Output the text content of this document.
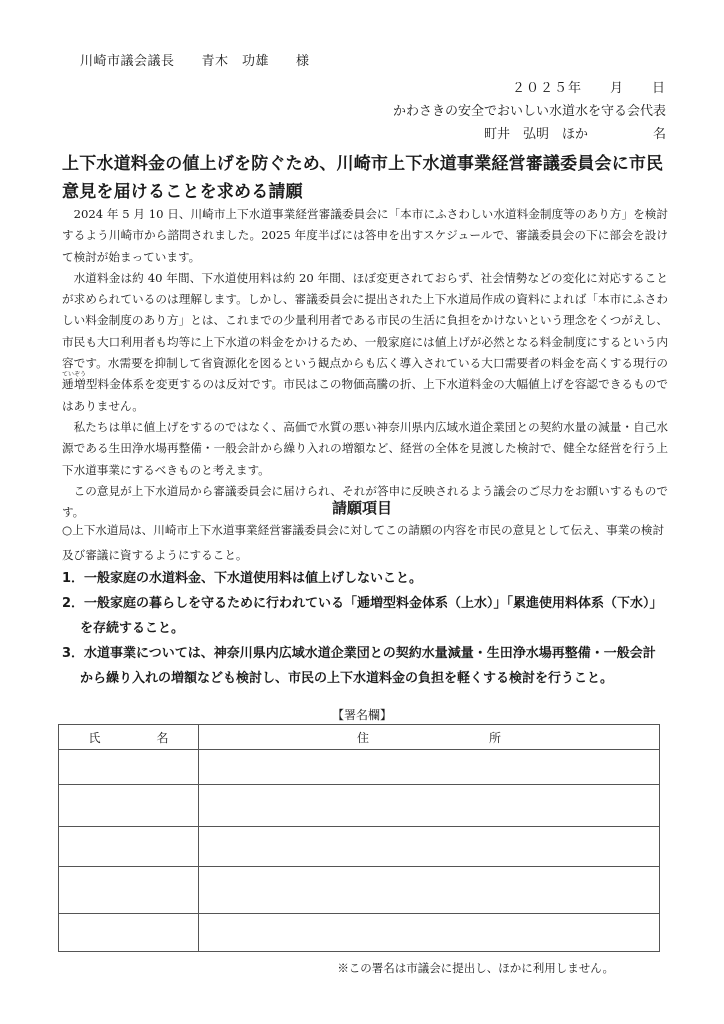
川崎市議会議長　　青木　功雄　　様
２０２５年　　月　　日
かわさきの安全でおいしい水道水を守る会代表
町井　弘明　ほか　　　　　名
上下水道料金の値上げを防ぐため、川崎市上下水道事業経営審議委員会に市民意見を届けることを求める請願

2024 年 5 月 10 日、川崎市上下水道事業経営審議委員会に「本市にふさわしい水道料金制度等のあり方」を検討するよう川崎市から諮問されました。2025 年度半ばには答申を出すスケジュールで、審議委員会の下に部会を設けて検討が始まっています。

水道料金は約 40 年間、下水道使用料は約 20 年間、ほぼ変更されておらず、社会情勢などの変化に対応することが求められているのは理解します。しかし、審議委員会に提出された上下水道局作成の資料によれば「本市にふさわしい料金制度のあり方」とは、これまでの少量利用者である市民の生活に負担をかけないという理念をくつがえし、市民も大口利用者も均等に上下水道の料金をかけるため、一般家庭には値上げが必然となる料金制度にするという内容です。水需要を抑制して省資源化を図るという観点からも広く導入されている大口需要者の料金を高くする現行の逓増ていぞう型料金体系を変更するのは反対です。市民はこの物価高騰の折、上下水道料金の大幅値上げを容認できるものではありません。

私たちは単に値上げをするのではなく、高価で水質の悪い神奈川県内広域水道企業団との契約水量の減量・自己水源である生田浄水場再整備・一般会計から繰り入れの増額など、経営の全体を見渡した検討で、健全な経営を行う上下水道事業にするべきものと考えます。

この意見が上下水道局から審議委員会に届けられ、それが答申に反映されるよう議会のご尽力をお願いするものです。	請願項目
○上下水道局は、川崎市上下水道事業経営審議委員会に対してこの請願の内容を市民の意見として伝え、事業の検討及び審議に資するようにすること。
1．一般家庭の水道料金、下水道使用料は値上げしないこと。
2．一般家庭の暮らしを守るために行われている「逓増型料金体系（上水）」「累進使用料体系（下水）」を存続すること。
3．水道事業については、神奈川県内広域水道企業団との契約水量減量・生田浄水場再整備・一般会計から繰り入れの増額なども検討し、市民の上下水道料金の負担を軽くする検討を行うこと。
【署名欄】
氏 名	住 所

※この署名は市議会に提出し、ほかに利用しません。
